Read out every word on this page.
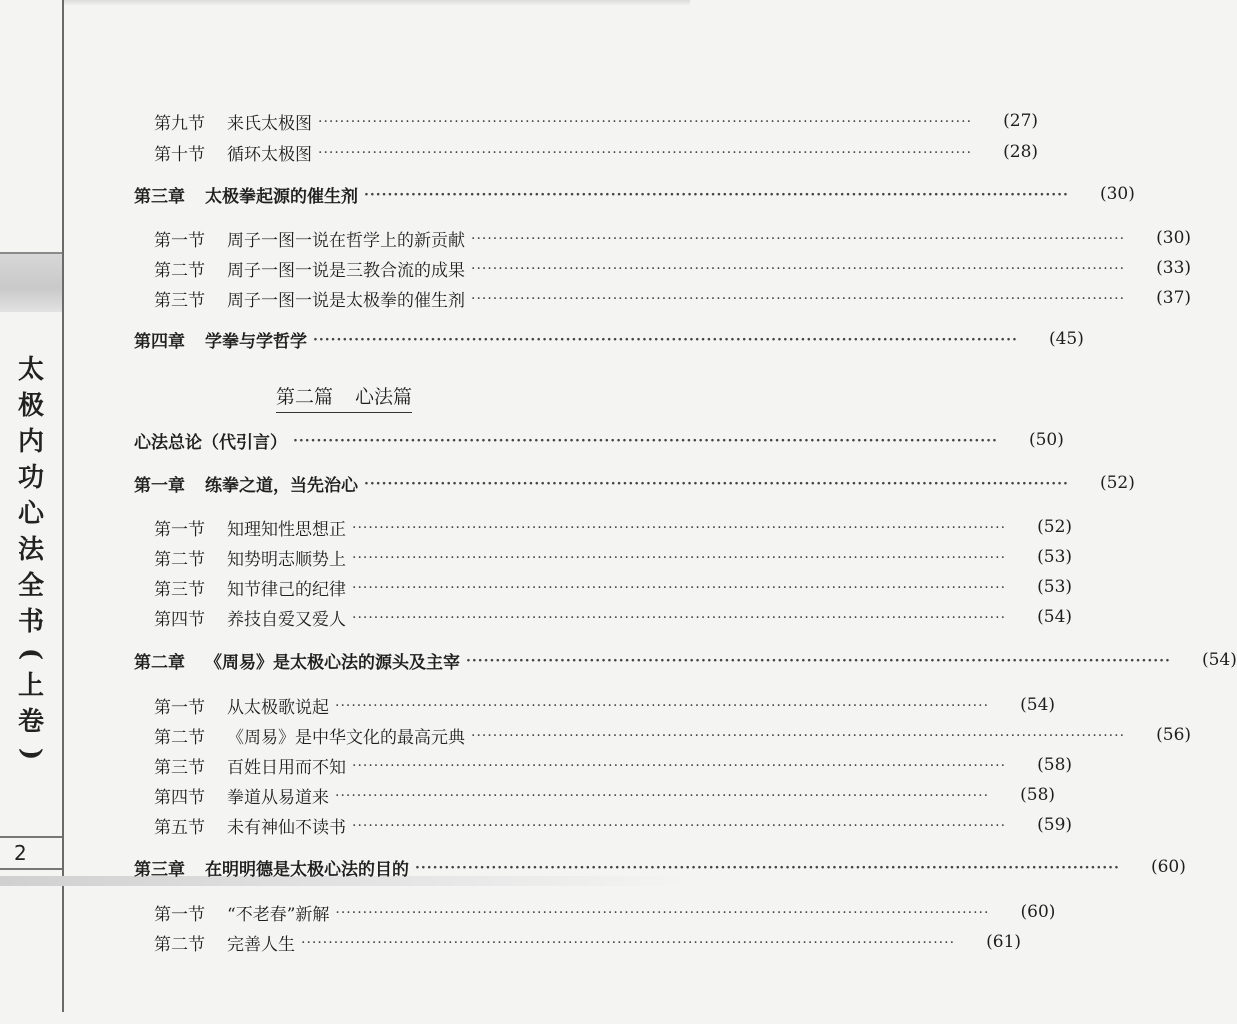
太
极
内
功
心
法
全
书
(
上
卷
)
2
第二篇 心法篇
第九节 来氏太极图 ························································································································	(27)
第十节 循环太极图 ························································································································	(28)
第三章 太极拳起源的催生剂 ························································································································	(30)
第一节 周子一图一说在哲学上的新贡献 ························································································································	(30)
第二节 周子一图一说是三教合流的成果 ························································································································	(33)
第三节 周子一图一说是太极拳的催生剂 ························································································································	(37)
第四章 学拳与学哲学 ························································································································	(45)
心法总论（代引言） ························································································································	(50)
第一章 练拳之道，当先治心 ························································································································	(52)
第一节 知理知性思想正 ························································································································	(52)
第二节 知势明志顺势上 ························································································································	(53)
第三节 知节律己的纪律 ························································································································	(53)
第四节 养技自爱又爱人 ························································································································	(54)
第二章 《周易》是太极心法的源头及主宰 ························································································································	(54)
第一节 从太极歌说起 ························································································································	(54)
第二节 《周易》是中华文化的最高元典 ························································································································	(56)
第三节 百姓日用而不知 ························································································································	(58)
第四节 拳道从易道来 ························································································································	(58)
第五节 未有神仙不读书 ························································································································	(59)
第三章 在明明德是太极心法的目的 ························································································································	(60)
第一节 “不老春”新解 ························································································································	(60)
第二节 完善人生 ························································································································	(61)
